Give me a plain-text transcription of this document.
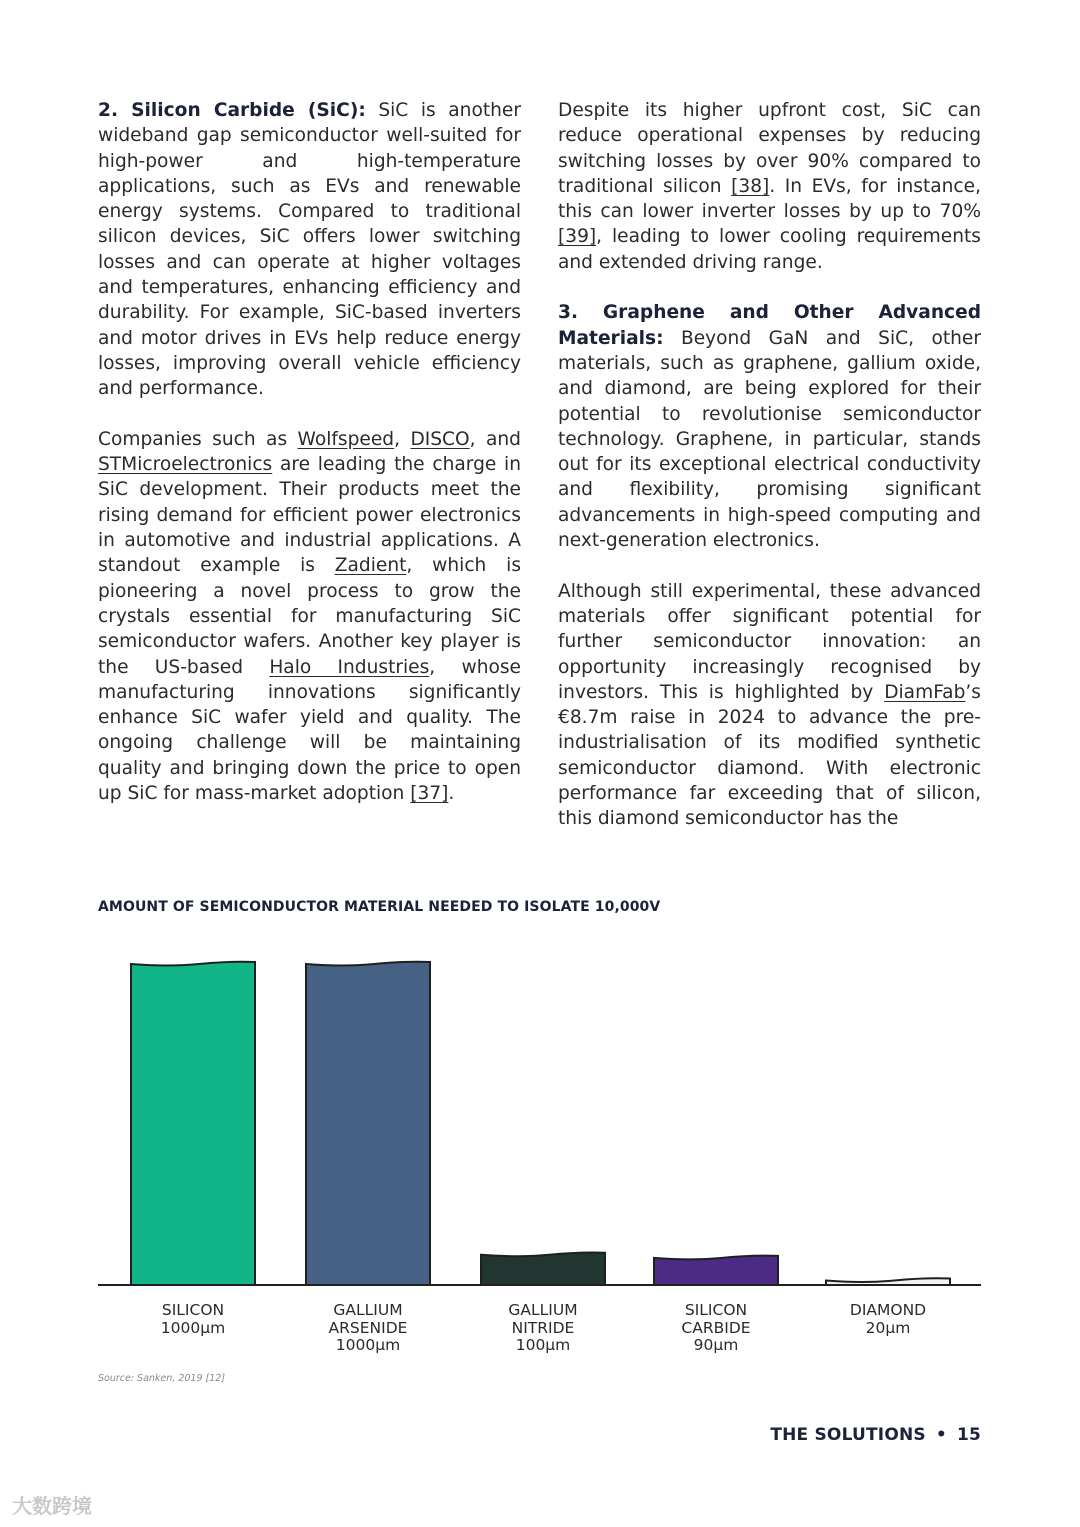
2. Silicon Carbide (SiC): SiC is another wideband gap semiconductor well-suited for high-power and high-temperature applications, such as EVs and renewable energy systems. Compared to traditional silicon devices, SiC offers lower switching losses and can operate at higher voltages and temperatures, enhancing efficiency and durability. For example, SiC-based inverters and motor drives in EVs help reduce energy losses, improving overall vehicle efficiency and performance.

Companies such as Wolfspeed, DISCO, and STMicroelectronics are leading the charge in SiC development. Their products meet the rising demand for efficient power electronics in automotive and industrial applications. A standout example is Zadient, which is pioneering a novel process to grow the crystals essential for manufacturing SiC semiconductor wafers. Another key player is the US-based Halo Industries, whose manufacturing innovations significantly enhance SiC wafer yield and quality. The ongoing challenge will be maintaining quality and bringing down the price to open up SiC for mass-market adoption [37].

Despite its higher upfront cost, SiC can reduce operational expenses by reducing switching losses by over 90% compared to traditional silicon [38]. In EVs, for instance, this can lower inverter losses by up to 70% [39], leading to lower cooling requirements and extended driving range.

3. Graphene and Other Advanced Materials: Beyond GaN and SiC, other materials, such as graphene, gallium oxide, and diamond, are being explored for their potential to revolutionise semiconductor technology. Graphene, in particular, stands out for its exceptional electrical conductivity and flexibility, promising significant advancements in high-speed computing and next-generation electronics.

Although still experimental, these advanced materials offer significant potential for further semiconductor innovation: an opportunity increasingly recognised by investors. This is highlighted by DiamFab’s €8.7m raise in 2024 to advance the pre-industrialisation of its modified synthetic semiconductor diamond. With electronic performance far exceeding that of silicon, this diamond semiconductor has the

AMOUNT OF SEMICONDUCTOR MATERIAL NEEDED TO ISOLATE 10,000V
SILICON
1000µm
GALLIUM
ARSENIDE
1000µm
GALLIUM
NITRIDE
100µm
SILICON
CARBIDE
90µm
DIAMOND
20µm
Source: Sanken, 2019 [12]
THE SOLUTIONS • 15
大数跨境
